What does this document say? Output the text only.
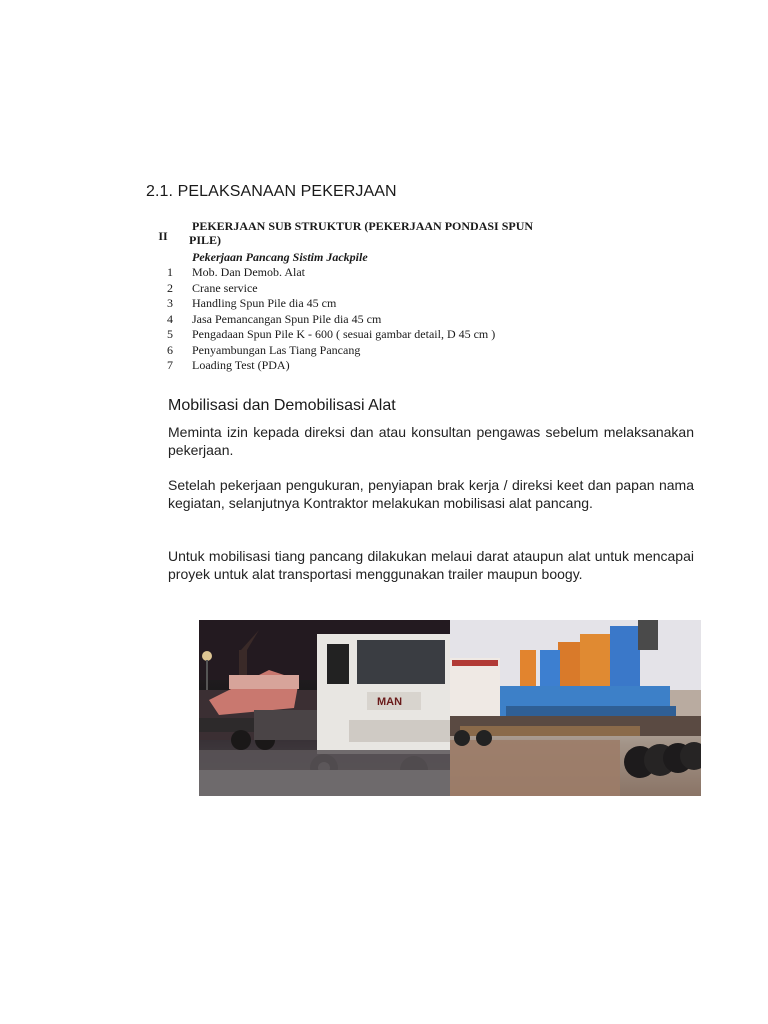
2.1. PELAKSANAAN PEKERJAAN
II
PEKERJAAN SUB STRUKTUR (PEKERJAAN PONDASI SPUN

PILE)
Pekerjaan Pancang Sistim Jackpile
1	Mob. Dan Demob. Alat
2	Crane service
3	Handling Spun Pile dia 45 cm
4	Jasa Pemancangan Spun Pile dia 45 cm
5	Pengadaan Spun Pile K - 600 ( sesuai gambar detail, D 45 cm )
6	Penyambungan Las Tiang Pancang
7	Loading Test (PDA)
Mobilisasi dan Demobilisasi Alat
Meminta izin kepada direksi dan atau konsultan pengawas sebelum melaksanakan pekerjaan.
Setelah pekerjaan pengukuran, penyiapan brak kerja / direksi keet dan papan nama kegiatan, selanjutnya Kontraktor melakukan mobilisasi alat pancang.
Untuk mobilisasi tiang pancang dilakukan melaui darat ataupun alat untuk mencapai proyek untuk alat transportasi menggunakan trailer maupun boogy.
MAN
